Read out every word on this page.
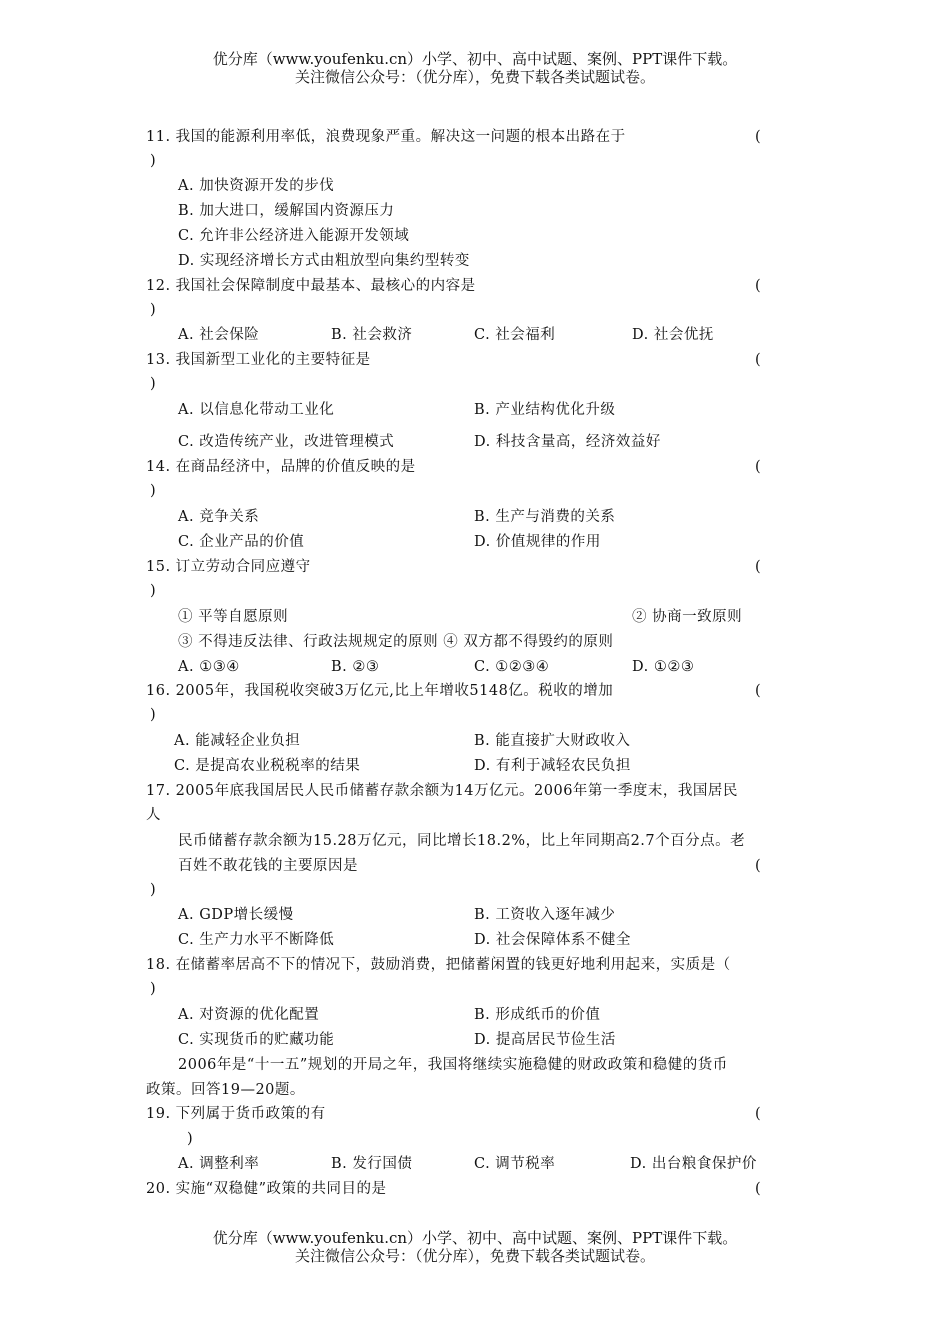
优分库（www.youfenku.cn）小学、初中、高中试题、案例、PPT课件下载。
关注微信公众号：（优分库），免费下载各类试题试卷。
11. 我国的能源利用率低，浪费现象严重。解决这一问题的根本出路在于	(
)
A. 加快资源开发的步伐
B. 加大进口，缓解国内资源压力
C. 允许非公经济进入能源开发领域
D. 实现经济增长方式由粗放型向集约型转变
12. 我国社会保障制度中最基本、最核心的内容是	(
)
A. 社会保险	B. 社会救济	C. 社会福利	D. 社会优抚
13. 我国新型工业化的主要特征是	(
)
A. 以信息化带动工业化	B. 产业结构优化升级
C. 改造传统产业，改进管理模式	D. 科技含量高，经济效益好
14. 在商品经济中，品牌的价值反映的是	(
)
A. 竞争关系	B. 生产与消费的关系
C. 企业产品的价值	D. 价值规律的作用
15. 订立劳动合同应遵守	(
)
① 平等自愿原则	② 协商一致原则
③ 不得违反法律、行政法规规定的原则 ④ 双方都不得毁约的原则
A. ①③④	B. ②③	C. ①②③④	D. ①②③
16. 2005年，我国税收突破3万亿元,比上年增收5148亿。税收的增加	(
)
A. 能减轻企业负担	B. 能直接扩大财政收入
C. 是提高农业税税率的结果	D. 有利于减轻农民负担
17. 2005年底我国居民人民币储蓄存款余额为14万亿元。2006年第一季度末，我国居民
人
民币储蓄存款余额为15.28万亿元，同比增长18.2%，比上年同期高2.7个百分点。老
百姓不敢花钱的主要原因是	(
)
A. GDP增长缓慢	B. 工资收入逐年减少
C. 生产力水平不断降低	D. 社会保障体系不健全
18. 在储蓄率居高不下的情况下，鼓励消费，把储蓄闲置的钱更好地利用起来，实质是（
)
A. 对资源的优化配置	B. 形成纸币的价值
C. 实现货币的贮藏功能	D. 提高居民节俭生活
2006年是“十一五”规划的开局之年，我国将继续实施稳健的财政政策和稳健的货币
政策。回答19—20题。
19. 下列属于货币政策的有	(
)
A. 调整利率	B. 发行国债	C. 调节税率	D. 出台粮食保护价
20. 实施“双稳健”政策的共同目的是	(
优分库（www.youfenku.cn）小学、初中、高中试题、案例、PPT课件下载。
关注微信公众号：（优分库），免费下载各类试题试卷。
